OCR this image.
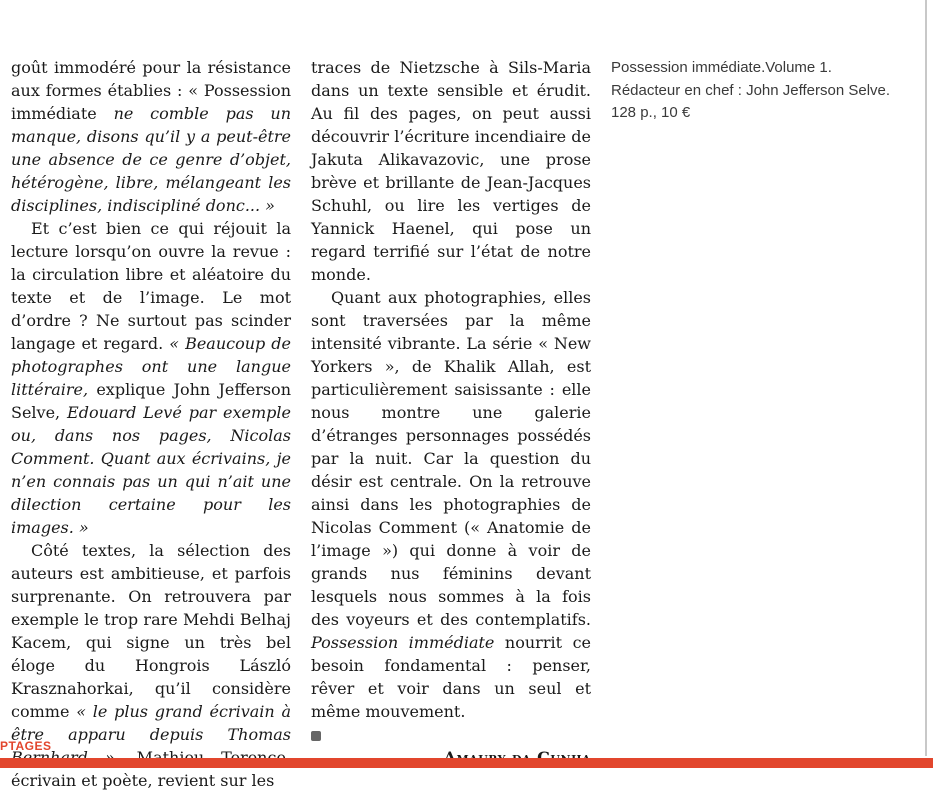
goût immodéré pour la résistance aux formes établies : « Possession immédiate ne comble pas un manque, disons qu’il y a peut-être une absence de ce genre d’objet, hétérogène, libre, mélangeant les disciplines, indiscipliné donc... »

Et c’est bien ce qui réjouit la lecture lorsqu’on ouvre la revue : la circulation libre et aléatoire du texte et de l’image. Le mot d’ordre ? Ne surtout pas scinder langage et regard. « Beaucoup de photographes ont une langue littéraire, explique John Jefferson Selve, Edouard Levé par exemple ou, dans nos pages, Nicolas Comment. Quant aux écrivains, je n’en connais pas un qui n’ait une dilection certaine pour les images. »

Côté textes, la sélection des auteurs est ambitieuse, et parfois surprenante. On retrouvera par exemple le trop rare Mehdi Belhaj Kacem, qui signe un très bel éloge du Hongrois László Krasznahorkai, qu’il considère comme « le plus grand écrivain à être apparu depuis Thomas écrivain et poète, revient sur les

traces de Nietzsche à Sils-Maria dans un texte sensible et érudit. Au fil des pages, on peut aussi découvrir l’écriture incendiaire de Jakuta Alikavazovic, une prose brève et brillante de Jean-Jacques Schuhl, ou lire les vertiges de Yannick Haenel, qui pose un regard terrifié sur l’état de notre monde.

Quant aux photographies, elles sont traversées par la même intensité vibrante. La série « New Yorkers », de Khalik Allah, est particulièrement saisissante : elle nous montre une galerie d’étranges personnages possédés par la nuit. Car la question du désir est centrale. On la retrouve ainsi dans les photographies de Nicolas Comment (« Anatomie de l’image ») qui donne à voir de grands nus féminins devant lesquels nous sommes à la fois des voyeurs et des contemplatifs. Possession immédiate nourrit ce besoin fondamental : penser, rêver et voir dans un seul et même mouvement.

Possession immédiate.Volume 1.
Rédacteur en chef : John Jefferson Selve. 128 p., 10 €
PTAGES
